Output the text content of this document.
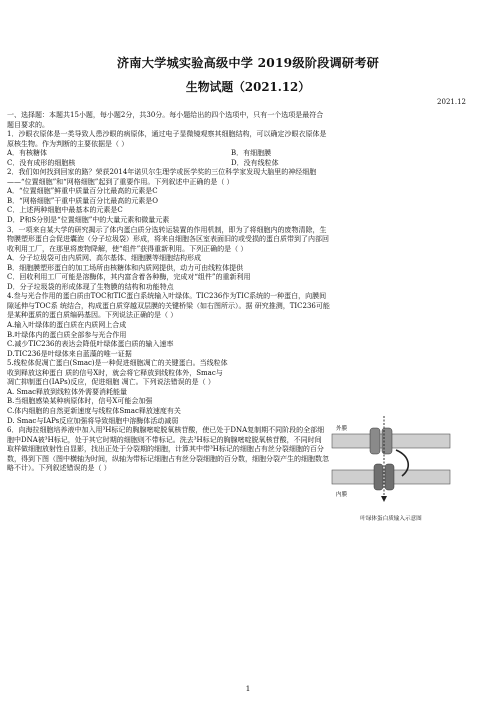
济南大学城实验高级中学 2019级阶段调研考研
生物试题（2021.12）
2021.12

一、选择题：本题共15小题，每小题2分，共30分。每小题给出的四个选项中，只有一个选项是最符合

题目要求的。

1．沙眼衣原体是一类导致人患沙眼的病原体，通过电子显微镜观察其细胞结构，可以确定沙眼衣原体是

原核生物。作为判断的主要依据是（ ）

A．有核糖体	B．有细胞膜
C．没有成形的细胞核	D．没有线粒体

2．我们如何找到回家的路？荣获2014年诺贝尔生理学或医学奖的三位科学家发现大脑里的神经细胞

——“位置细胞”和“网格细胞”起到了重要作用。下列叙述中正确的是（ ）

A．“位置细胞”鲜重中质量百分比最高的元素是C

B．“网格细胞”干重中质量百分比最高的元素是O

C．上述两种细胞中最基本的元素是C

D．P和S分别是“位置细胞”中的大量元素和微量元素

3．一项来自某大学的研究揭示了体内蛋白质分选转运装置的作用机制，即为了将细胞内的废物清除，生

物膜塑形蛋白会促进囊泡（分子垃圾袋）形成，将来自细胞各区室表面旧的或受损的蛋白质带到了内部回

收利用工厂，在那里将废物降解，使“组件”获得重新利用。下列正确的是（ ）

A．分子垃圾袋可由内质网、高尔基体、细胞膜等细胞结构形成

B．细胞膜塑形蛋白的加工场所由核糖体和内质网提供，动力可由线粒体提供

C．回收利用工厂可能是溶酶体，其内富含着各种酶，完成对“组件”的重新利用

D．分子垃圾袋的形成体现了生物膜的结构和功能特点

4.叁与光合作用的蛋白质由TOC和TIC蛋白系统输入叶绿体。TIC236作为TIC系统的一种蛋白，向膜间

隙延伸与TOC系 统结合，构成蛋白质穿越双层膜的关键桥梁（如右图所示）。据 研究推测，TIC236可能

是某种蛋质的蛋白质编码基因。下列说法正确的是（ ）

A.输入叶绿体的蛋白质在内质网上合成

B.叶绿体内的蛋白质全部参与光合作用

C.减少TIC236的表达会降低叶绿体蛋白质的输入速率

D.TIC236是叶绿体来自蓝藻的唯一证据

5.线粒体促凋亡蛋白(Smac)是一种促进细胞凋亡的关键蛋白。当线粒体

收到释放这种蛋白 质的信号X时，就会将它释放到线粒体外，Smac与

凋亡抑制蛋白(IAPs)反应，促进细胞 凋亡。下列说法错误的是（ ）

A. Smac释放到线粒体外需要消耗能量

B.当细胞感染某种病原体时，信号X可能会加强

C.体内细胞的自然更新速度与线粒体Smac释放速度有关

D. Smac与IAPs反应加强将导致细胞中溶酶体活动减弱

6．向海拉细胞培养液中加入用³H标记的胸腺嘧啶脱氧核苷酸，使已处于DNA复制期不同阶段的全部细

胞中DNA被³H标记，处于其它时期的细胞则不带标记。洗去³H标记的胸腺嘧啶脱氧核苷酸，不同时间

取样做细胞放射性自显影，找出正处于分裂期的细胞，计算其中带³H标记的细胞占有丝分裂细胞的百分

数，得到下图（图中横轴为时间，纵轴为带标记细胞占有丝分裂细胞的百分数，细胞分裂产生的细胞数忽

略不计）。下列叙述错误的是（ ）

外膜
内膜
叶绿体蛋白质输入示意图
1
